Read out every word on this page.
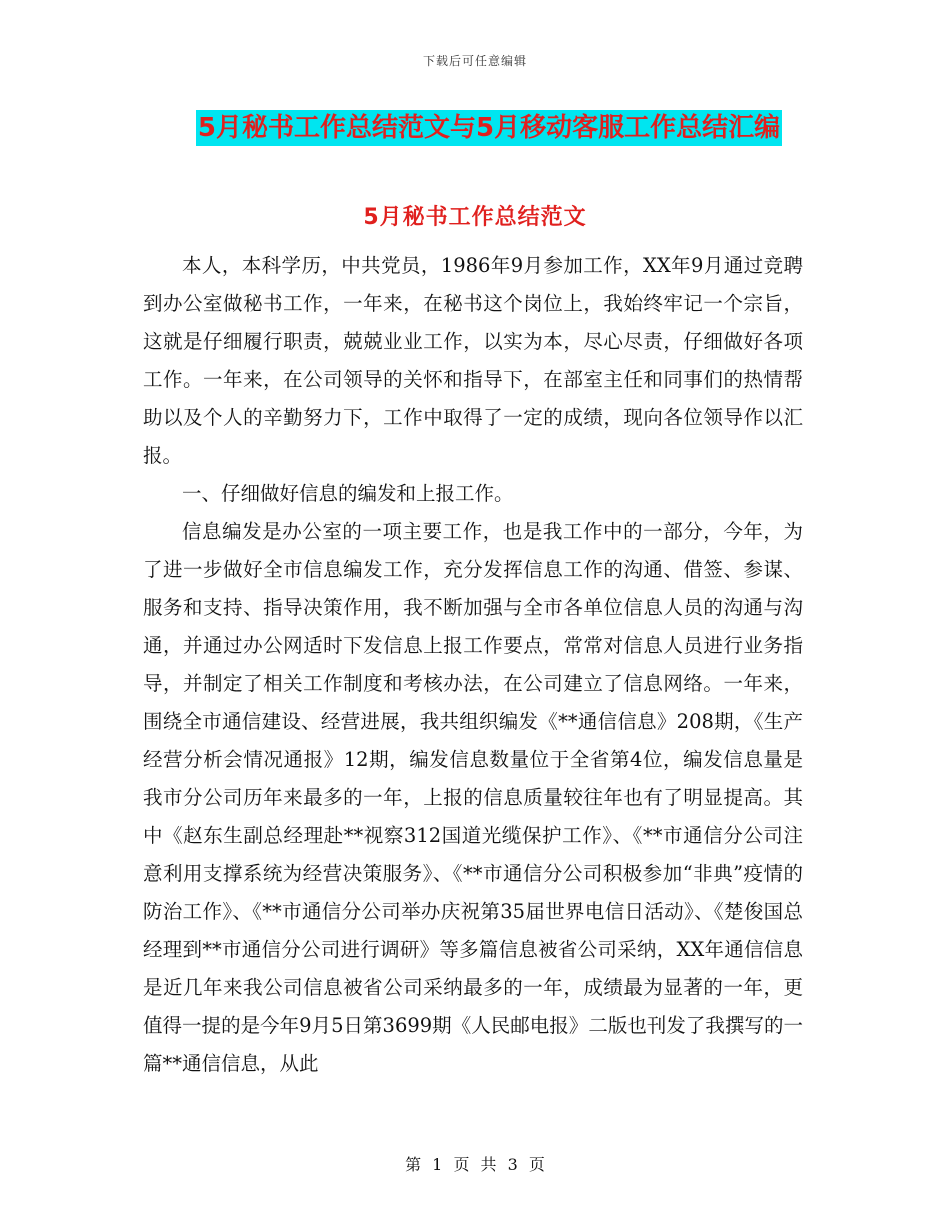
下载后可任意编辑
5月秘书工作总结范文与5月移动客服工作总结汇编
5月秘书工作总结范文

本人，本科学历，中共党员，1986年9月参加工作，XX年9月通过竞聘到办公室做秘书工作，一年来，在秘书这个岗位上，我始终牢记一个宗旨，这就是仔细履行职责，兢兢业业工作，以实为本，尽心尽责，仔细做好各项工作。一年来，在公司领导的关怀和指导下，在部室主任和同事们的热情帮助以及个人的辛勤努力下，工作中取得了一定的成绩，现向各位领导作以汇报。

一、仔细做好信息的编发和上报工作。

信息编发是办公室的一项主要工作，也是我工作中的一部分，今年，为了进一步做好全市信息编发工作，充分发挥信息工作的沟通、借签、参谋、服务和支持、指导决策作用，我不断加强与全市各单位信息人员的沟通与沟通，并通过办公网适时下发信息上报工作要点，常常对信息人员进行业务指导，并制定了相关工作制度和考核办法，在公司建立了信息网络。一年来，围绕全市通信建设、经营进展，我共组织编发《**通信信息》208期，《生产经营分析会情况通报》12期，编发信息数量位于全省第4位，编发信息量是我市分公司历年来最多的一年，上报的信息质量较往年也有了明显提高。其中《赵东生副总经理赴**视察312国道光缆保护工作》、《**市通信分公司注意利用支撑系统为经营决策服务》、《**市通信分公司积极参加“非典”疫情的防治工作》、《**市通信分公司举办庆祝第35届世界电信日活动》、《楚俊国总经理到**市通信分公司进行调研》等多篇信息被省公司采纳，XX年通信信息是近几年来我公司信息被省公司采纳最多的一年，成绩最为显著的一年，更值得一提的是今年9月5日第3699期《人民邮电报》二版也刊发了我撰写的一篇**通信信息，从此

第 1 页 共 3 页
